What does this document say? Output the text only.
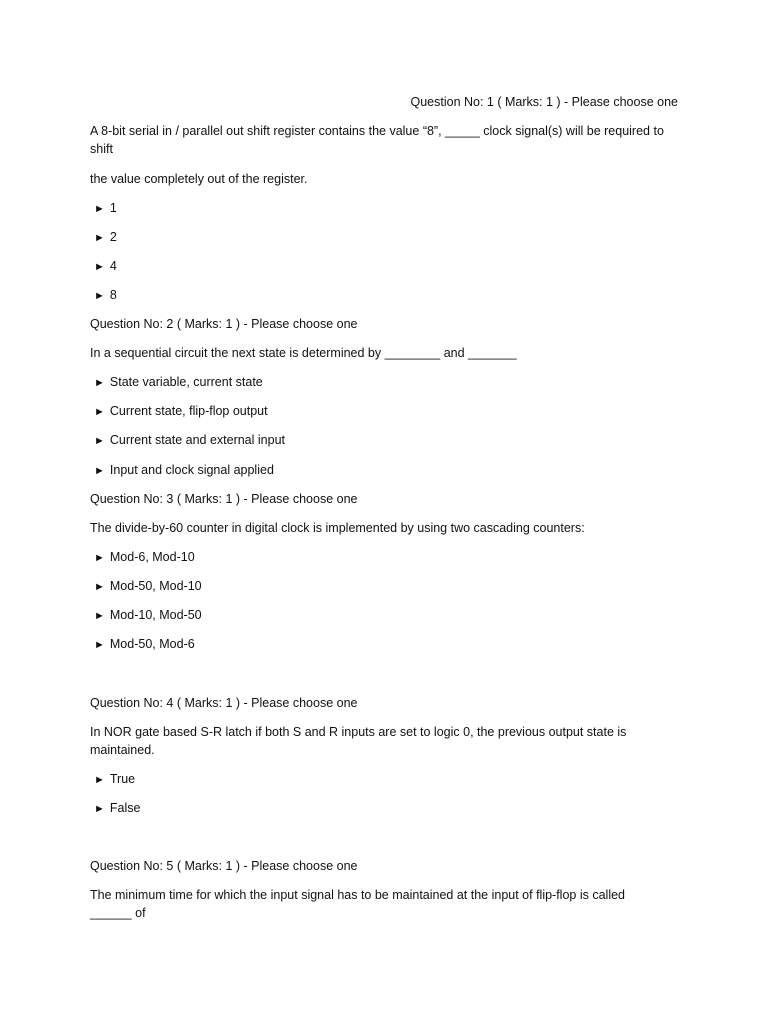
Question No: 1 ( Marks: 1 ) - Please choose one
A 8-bit serial in / parallel out shift register contains the value “8”, _____ clock signal(s) will be required to shift
the value completely out of the register.
► 1
► 2
► 4
► 8
Question No: 2 ( Marks: 1 ) - Please choose one
In a sequential circuit the next state is determined by ________ and _______
► State variable, current state
► Current state, flip-flop output
► Current state and external input
► Input and clock signal applied
Question No: 3 ( Marks: 1 ) - Please choose one
The divide-by-60 counter in digital clock is implemented by using two cascading counters:
► Mod-6, Mod-10
► Mod-50, Mod-10
► Mod-10, Mod-50
► Mod-50, Mod-6
Question No: 4 ( Marks: 1 ) - Please choose one
In NOR gate based S-R latch if both S and R inputs are set to logic 0, the previous output state is maintained.
► True
► False
Question No: 5 ( Marks: 1 ) - Please choose one
The minimum time for which the input signal has to be maintained at the input of flip-flop is called ______ of
